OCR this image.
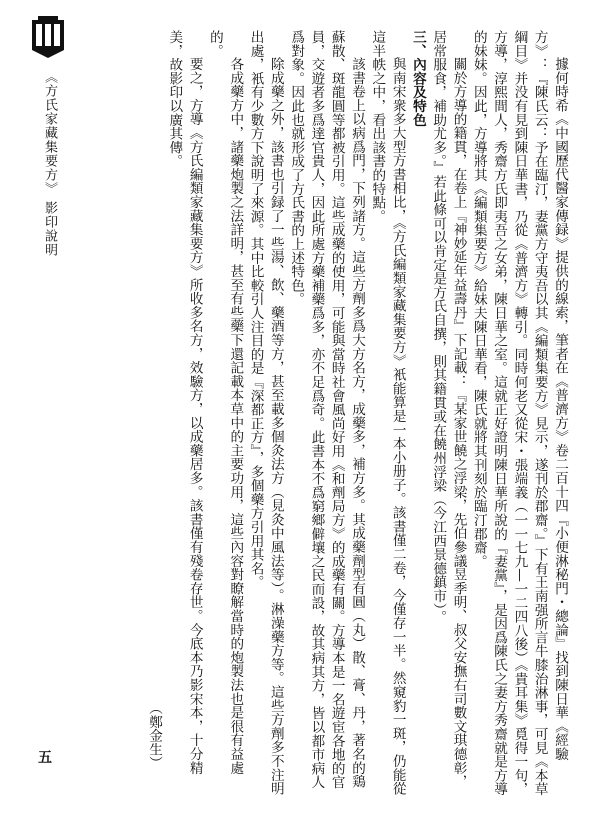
《方氏家藏集要方》 影印說明
五	據何時希《中國歷代醫家傳録》提供的線索，筆者在《普濟方》卷二百十四『小便淋秘門・總論』找到陳日華《經驗方》：『陳氏云：予在臨汀，妻黨方守夷吾以其《編類集要方》見示，遂刊於郡齋。』下有王南强所言牛膝治淋事，可見《本草綱目》并没有見到陳日華書，乃從《普濟方》轉引。同時何老又從宋・張端義（一一七九—一二四八後）《貴耳集》覓得一句，方導，淳熙間人，秀齋方氏即夷吾之女弟，陳日華之室。這就正好證明陳日華所說的『妻黨』，是因爲陳氏之妻方秀齋就是方導的妹妹。因此，方導將其《編類集要方》給妹夫陳日華看，陳氏就將其刊刻於臨汀郡齋。

關於方導的籍貫，在卷上『神妙延年益壽丹』下記載：『某家世饒之浮梁，先伯參議昱季明、叔父安撫右司數文琪德彰，居常服食，補助尤多。』若此條可以肯定是方氏自撰，則其籍貫或在饒州浮梁（今江西景德鎮市）。

三、內容及特色

與南宋衆多大型方書相比，《方氏編類家藏集要方》衹能算是一本小册子。該書僅二卷，今僅存一半。然窺豹一斑，仍能從這半帙之中，看出該書的特點。

該書卷上以病爲門，下列諸方。這些方劑多爲大方名方，成藥多，補方多。其成藥劑型有圓（丸）散、膏、丹，著名的鶏蘇散、斑龍圓等都被引用。這些成藥的使用，可能與當時社會風尚好用《和劑局方》的成藥有關。方導本是一名遊宦各地的官員，交遊者多爲達官貴人，因此所處方藥補藥爲多，亦不足爲奇。此書本不爲窮鄉僻壤之民而設，故其病其方，皆以都市病人爲對象。因此也就形成了方氏書的上述特色。

除成藥之外，該書也引録了一些湯、飲、藥酒等方，甚至載多個灸法方（見灸中風法等）。淋澡藥方等。這些方劑多不注明出處，衹有少數方下說明了來源。其中比較引人注目的是『深都正方』，多個藥方引用其名。

各成藥方中，諸藥炮製之法詳明，甚至有些藥下還記載本草中的主要功用，這些內容對瞭解當時的炮製法也是很有益處的。

要之，方導《方氏編類家藏集要方》所收多名方，效驗方，以成藥居多。該書僅有殘卷存世。今底本乃影宋本，十分精美，故影印以廣其傳。

（鄭金生）
